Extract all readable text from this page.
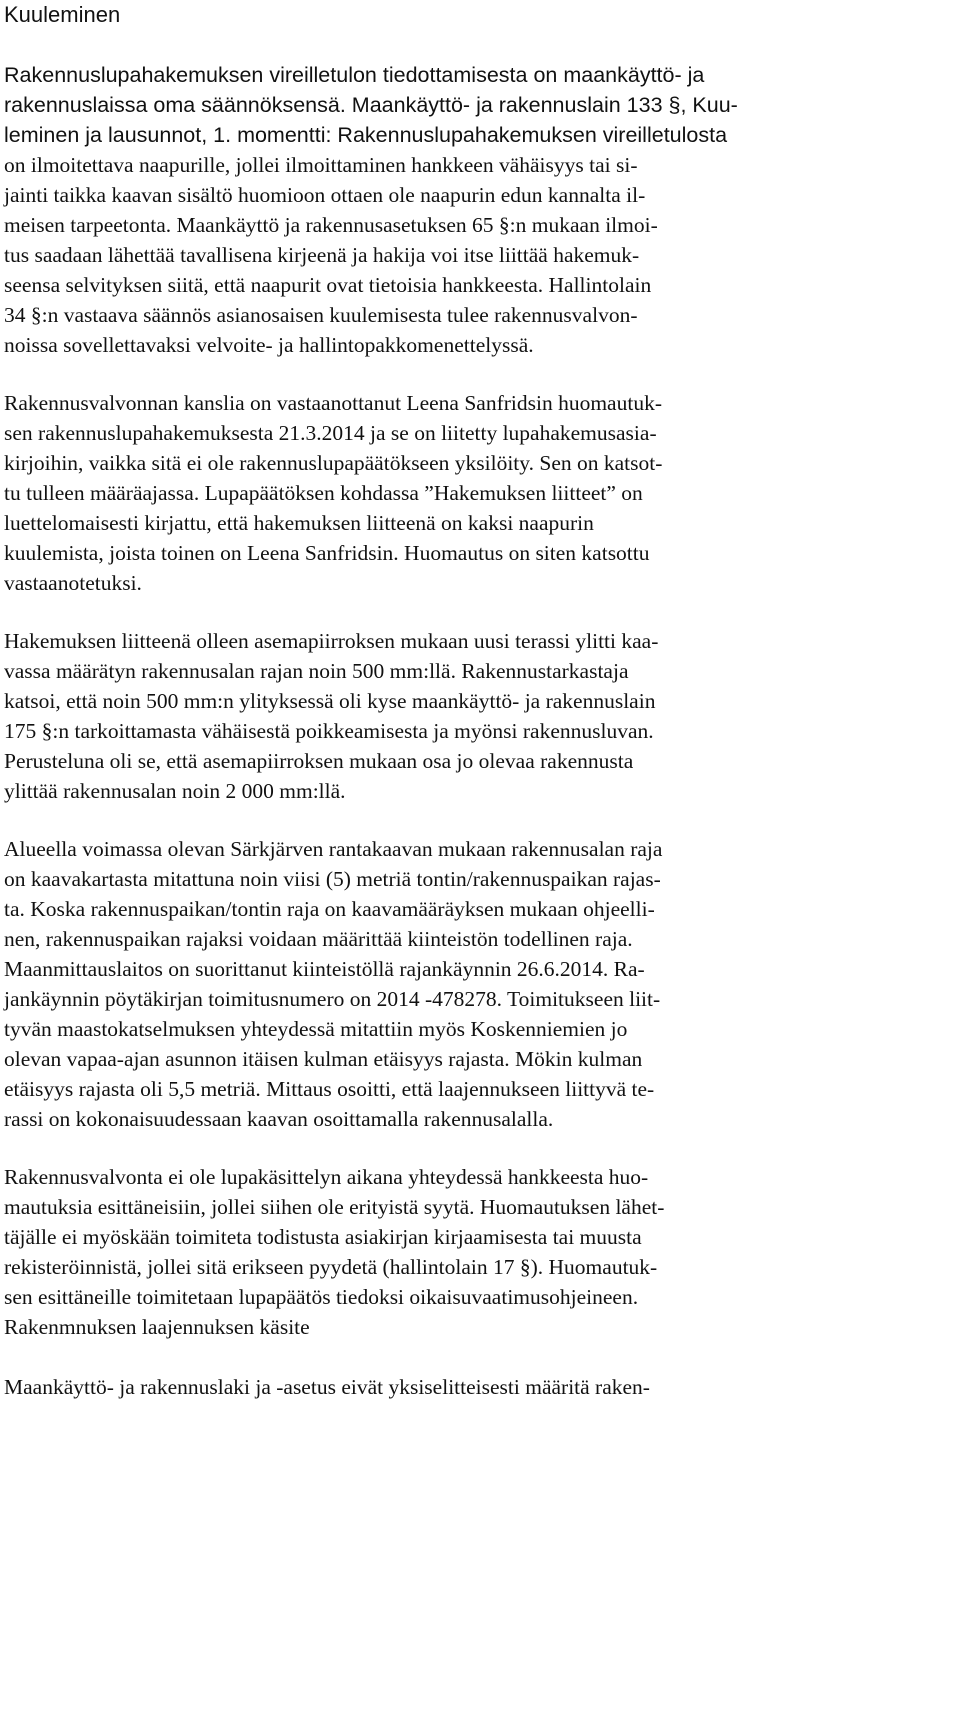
Kuuleminen
Rakennuslupahakemuksen vireilletulon tiedottamisesta on maankäyttö- ja
rakennuslaissa oma säännöksensä. Maankäyttö- ja rakennuslain 133 §, Kuu-
leminen ja lausunnot, 1. momentti: Rakennuslupahakemuksen vireilletulosta
on ilmoitettava naapurille, jollei ilmoittaminen hankkeen vähäisyys tai si-
jainti taikka kaavan sisältö huomioon ottaen ole naapurin edun kannalta il-
meisen tarpeetonta. Maankäyttö ja rakennusasetuksen 65 §:n mukaan ilmoi-
tus saadaan lähettää tavallisena kirjeenä ja hakija voi itse liittää hakemuk-
seensa selvityksen siitä, että naapurit ovat tietoisia hankkeesta. Hallintolain
34 §:n vastaava säännös asianosaisen kuulemisesta tulee rakennusvalvon-
noissa sovellettavaksi velvoite- ja hallintopakkomenettelyssä.
Rakennusvalvonnan kanslia on vastaanottanut Leena Sanfridsin huomautuk-
sen rakennuslupahakemuksesta 21.3.2014 ja se on liitetty lupahakemusasia-
kirjoihin, vaikka sitä ei ole rakennuslupapäätökseen yksilöity. Sen on katsot-
tu tulleen määräajassa. Lupapäätöksen kohdassa ”Hakemuksen liitteet” on
luettelomaisesti kirjattu, että hakemuksen liitteenä on kaksi naapurin
kuulemista, joista toinen on Leena Sanfridsin. Huomautus on siten katsottu
vastaanotetuksi.
Hakemuksen liitteenä olleen asemapiirroksen mukaan uusi terassi ylitti kaa-
vassa määrätyn rakennusalan rajan noin 500 mm:llä. Rakennustarkastaja
katsoi, että noin 500 mm:n ylityksessä oli kyse maankäyttö- ja rakennuslain
175 §:n tarkoittamasta vähäisestä poikkeamisesta ja myönsi rakennusluvan.
Perusteluna oli se, että asemapiirroksen mukaan osa jo olevaa rakennusta
ylittää rakennusalan noin 2 000 mm:llä.
Alueella voimassa olevan Särkjärven rantakaavan mukaan rakennusalan raja
on kaavakartasta mitattuna noin viisi (5) metriä tontin/rakennuspaikan rajas-
ta. Koska rakennuspaikan/tontin raja on kaavamääräyksen mukaan ohjeelli-
nen, rakennuspaikan rajaksi voidaan määrittää kiinteistön todellinen raja.
Maanmittauslaitos on suorittanut kiinteistöllä rajankäynnin 26.6.2014. Ra-
jankäynnin pöytäkirjan toimitusnumero on 2014 -478278. Toimitukseen liit-
tyvän maastokatselmuksen yhteydessä mitattiin myös Koskenniemien jo
olevan vapaa-ajan asunnon itäisen kulman etäisyys rajasta. Mökin kulman
etäisyys rajasta oli 5,5 metriä. Mittaus osoitti, että laajennukseen liittyvä te-
rassi on kokonaisuudessaan kaavan osoittamalla rakennusalalla.
Rakennusvalvonta ei ole lupakäsittelyn aikana yhteydessä hankkeesta huo-
mautuksia esittäneisiin, jollei siihen ole erityistä syytä. Huomautuksen lähet-
täjälle ei myöskään toimiteta todistusta asiakirjan kirjaamisesta tai muusta
rekisteröinnistä, jollei sitä erikseen pyydetä (hallintolain 17 §). Huomautuk-
sen esittäneille toimitetaan lupapäätös tiedoksi oikaisuvaatimusohjeineen.
Rakenmnuksen laajennuksen käsite
Maankäyttö- ja rakennuslaki ja -asetus eivät yksiselitteisesti määritä raken-
